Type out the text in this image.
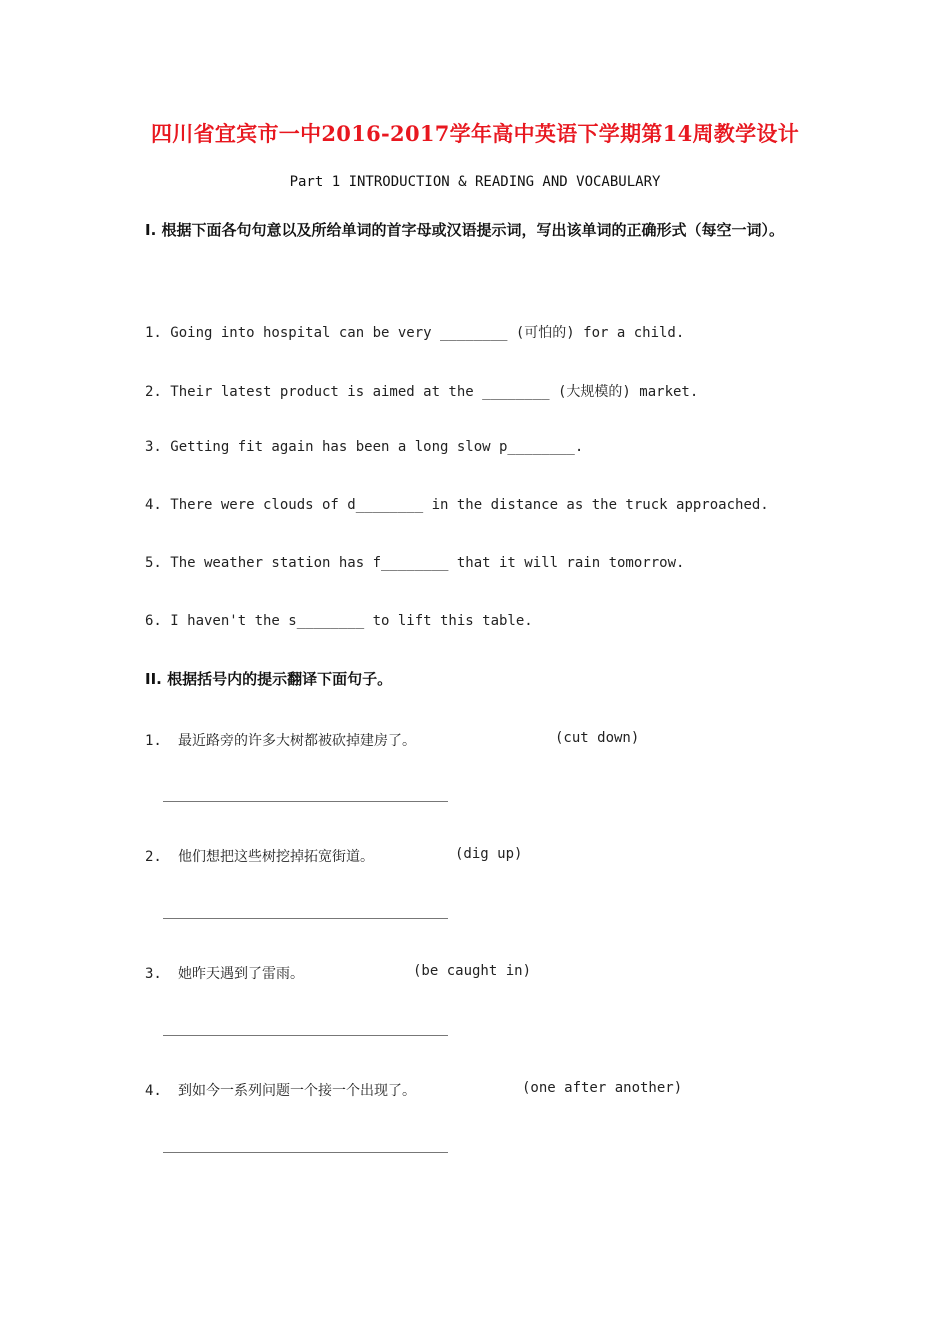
四川省宜宾市一中2016-2017学年高中英语下学期第14周教学设计
Part 1 INTRODUCTION & READING AND VOCABULARY
I. 根据下面各句句意以及所给单词的首字母或汉语提示词，写出该单词的正确形式（每空一词）。
1. Going into hospital can be very ________ (可怕的) for a child.
2. Their latest product is aimed at the ________ (大规模的) market.
3. Getting fit again has been a long slow p________.
4. There were clouds of d________ in the distance as the truck approached.
5. The weather station has f________ that it will rain tomorrow.
6. I haven't the s________ to lift this table.
II. 根据括号内的提示翻译下面句子。
1. 最近路旁的许多大树都被砍掉建房了。	(cut down)
2. 他们想把这些树挖掉拓宽街道。	(dig up)
3. 她昨天遇到了雷雨。	(be caught in)
4. 到如今一系列问题一个接一个出现了。	(one after another)
